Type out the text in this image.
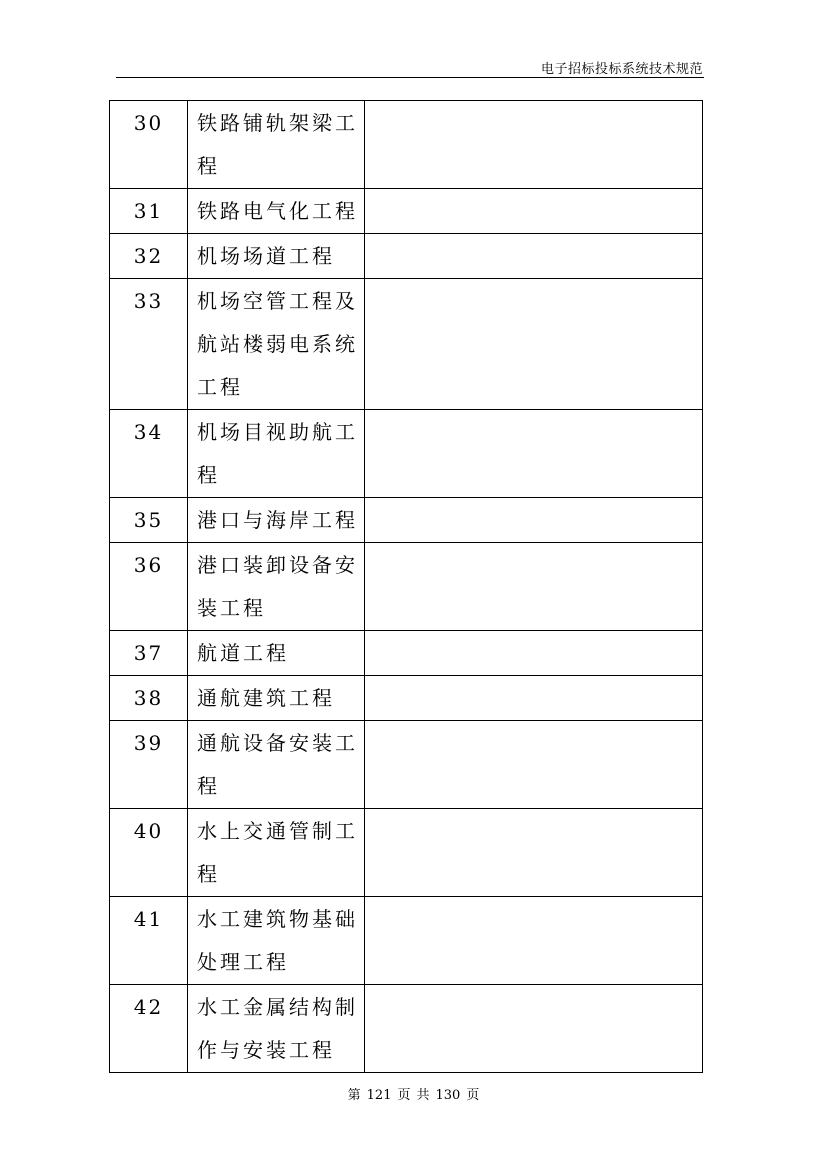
电子招标投标系统技术规范
30	铁路铺轨架梁工程	
31	铁路电气化工程	
32	机场场道工程	
33	机场空管工程及航站楼弱电系统工程	
34	机场目视助航工程	
35	港口与海岸工程	
36	港口装卸设备安装工程	
37	航道工程	
38	通航建筑工程	
39	通航设备安装工程	
40	水上交通管制工程	
41	水工建筑物基础处理工程	
42	水工金属结构制作与安装工程	
第 121 页 共 130 页
